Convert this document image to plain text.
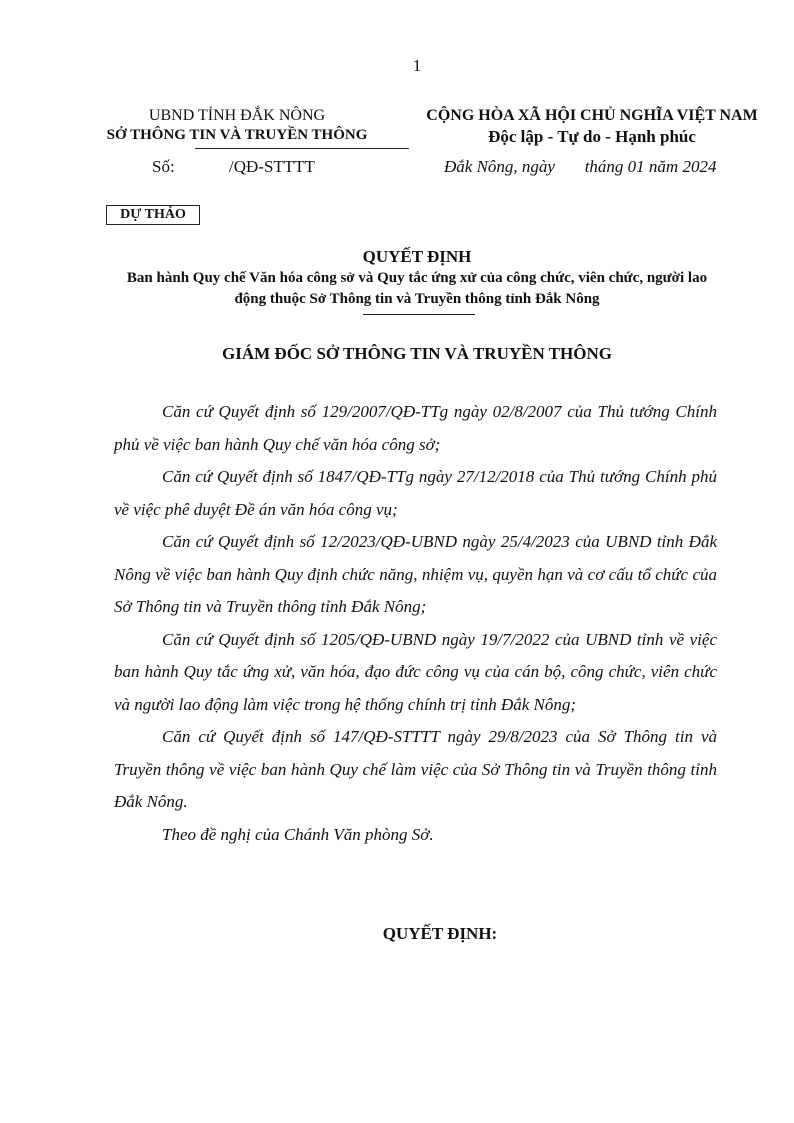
1
UBND TỈNH ĐẮK NÔNG
SỞ THÔNG TIN VÀ TRUYỀN THÔNG
CỘNG HÒA XÃ HỘI CHỦ NGHĨA VIỆT NAM
Độc lập - Tự do - Hạnh phúc
Số:	/QĐ-STTTT	Đắk Nông, ngày       tháng 01 năm 2024
DỰ THẢO
QUYẾT ĐỊNH
Ban hành Quy chế Văn hóa công sở và Quy tắc ứng xử của công chức, viên chức, người lao động thuộc Sở Thông tin và Truyền thông tỉnh Đắk Nông
GIÁM ĐỐC SỞ THÔNG TIN VÀ TRUYỀN THÔNG

Căn cứ Quyết định số 129/2007/QĐ-TTg ngày 02/8/2007 của Thủ tướng Chính phủ về việc ban hành Quy chế văn hóa công sở;

Căn cứ Quyết định số 1847/QĐ-TTg ngày 27/12/2018 của Thủ tướng Chính phủ về việc phê duyệt Đề án văn hóa công vụ;

Căn cứ Quyết định số 12/2023/QĐ-UBND ngày 25/4/2023 của UBND tỉnh Đắk Nông về việc ban hành Quy định chức năng, nhiệm vụ, quyền hạn và cơ cấu tổ chức của Sở Thông tin và Truyền thông tỉnh Đắk Nông;

Căn cứ Quyết định số 1205/QĐ-UBND ngày 19/7/2022 của UBND tỉnh về việc ban hành Quy tắc ứng xử, văn hóa, đạo đức công vụ của cán bộ, công chức, viên chức và người lao động làm việc trong hệ thống chính trị tỉnh Đắk Nông;

Căn cứ Quyết định số 147/QĐ-STTTT ngày 29/8/2023 của Sở Thông tin và Truyền thông về việc ban hành Quy chế làm việc của Sở Thông tin và Truyền thông tỉnh Đắk Nông.

Theo đề nghị của Chánh Văn phòng Sở.

QUYẾT ĐỊNH:
